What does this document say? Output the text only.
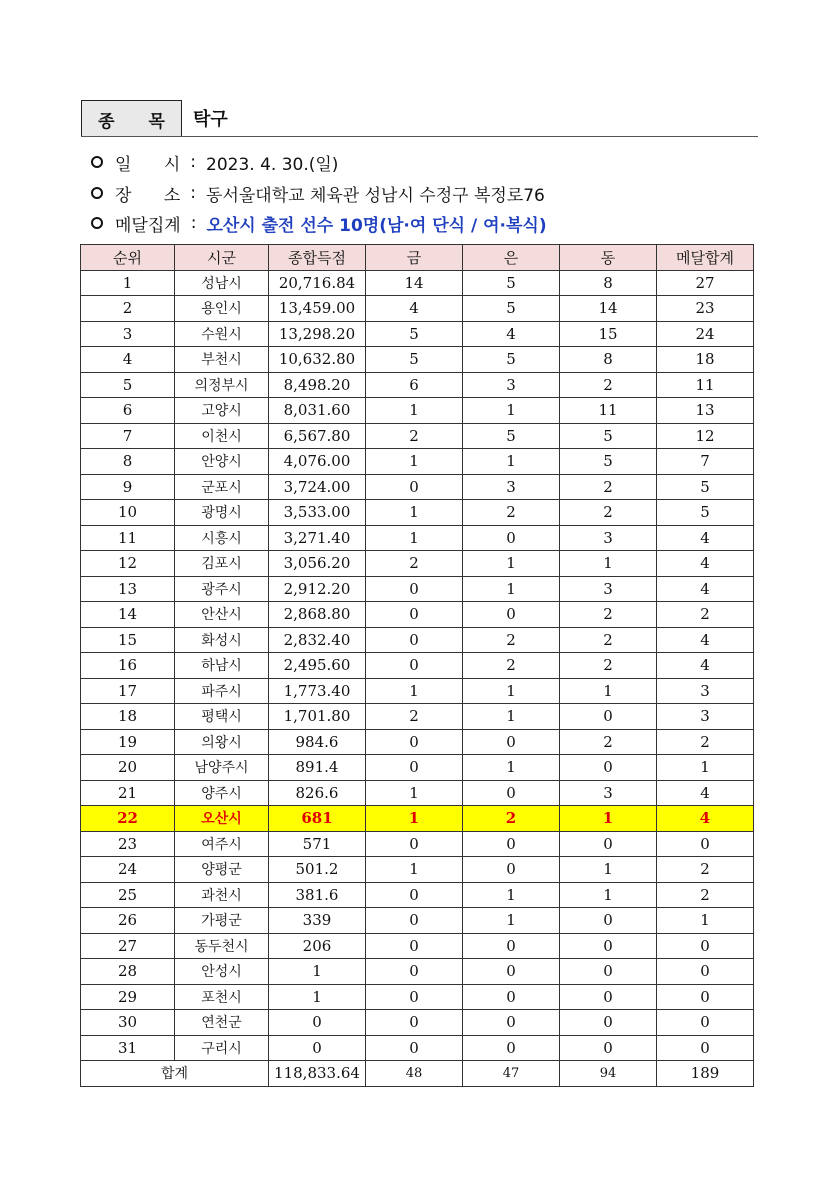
종 목 탁구
일      시 : 2023. 4. 30.(일)
장      소 : 동서울대학교 체육관 성남시 수정구 복정로76
메달집계 : 오산시 출전 선수 10명(남·여 단식 / 여·복식)
순위	시군	종합득점	금	은	동	메달합계
1	성남시	20,716.84	14	5	8	27
2	용인시	13,459.00	4	5	14	23
3	수원시	13,298.20	5	4	15	24
4	부천시	10,632.80	5	5	8	18
5	의정부시	8,498.20	6	3	2	11
6	고양시	8,031.60	1	1	11	13
7	이천시	6,567.80	2	5	5	12
8	안양시	4,076.00	1	1	5	7
9	군포시	3,724.00	0	3	2	5
10	광명시	3,533.00	1	2	2	5
11	시흥시	3,271.40	1	0	3	4
12	김포시	3,056.20	2	1	1	4
13	광주시	2,912.20	0	1	3	4
14	안산시	2,868.80	0	0	2	2
15	화성시	2,832.40	0	2	2	4
16	하남시	2,495.60	0	2	2	4
17	파주시	1,773.40	1	1	1	3
18	평택시	1,701.80	2	1	0	3
19	의왕시	984.6	0	0	2	2
20	남양주시	891.4	0	1	0	1
21	양주시	826.6	1	0	3	4
22	오산시	681	1	2	1	4
23	여주시	571	0	0	0	0
24	양평군	501.2	1	0	1	2
25	과천시	381.6	0	1	1	2
26	가평군	339	0	1	0	1
27	동두천시	206	0	0	0	0
28	안성시	1	0	0	0	0
29	포천시	1	0	0	0	0
30	연천군	0	0	0	0	0
31	구리시	0	0	0	0	0
합계		118,833.64	48	47	94	189
